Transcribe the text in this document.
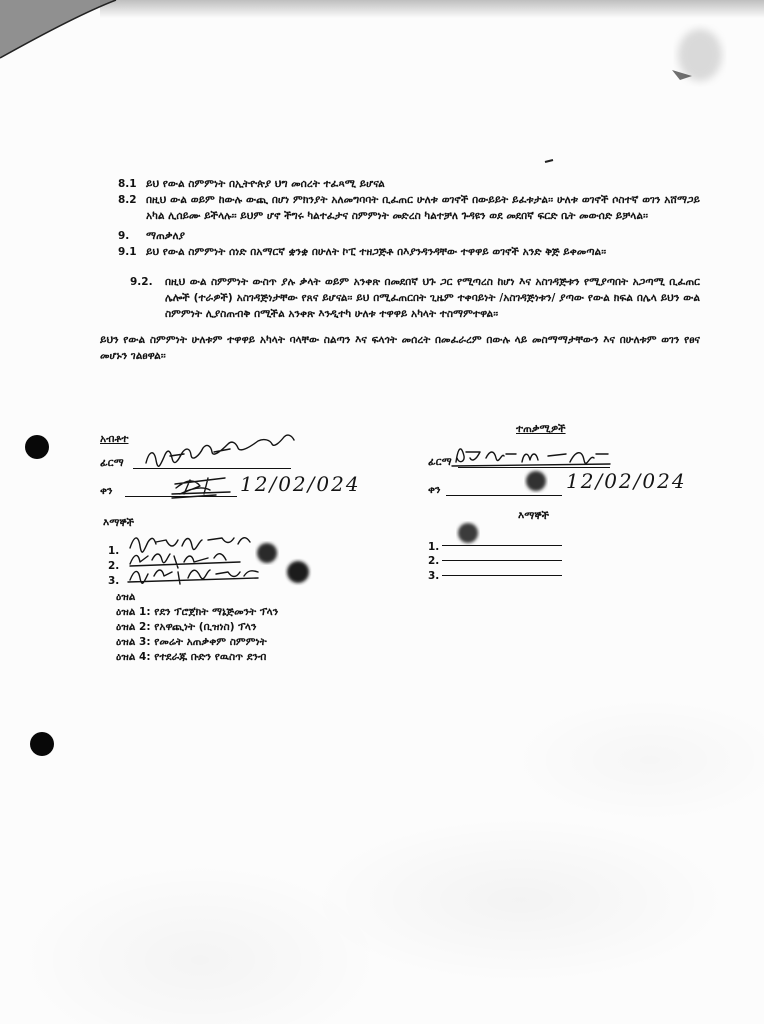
8.1 ይህ የውል ስምምነት በኢትዮጵያ ህግ መሰረት ተፈጻሚ ይሆናል
8.2 በዚህ ውል ወይም ከውሉ ውጪ በሆነ ምክንያት አለመግባባት ቢፈጠር ሁለቱ ወገኖች በውይይት ይፈቱታል፡፡ ሁለቱ ወገኖች ሶስተኛ ወገን አሸማጋይ አካል ሊሰይሙ ይችላሉ፡፡ ይህም ሆኖ ችግሩ ካልተፈታና ስምምነት መድረስ ካልተቻለ ጉዳዩን ወደ መደበኛ ፍርድ ቤት መውሰድ ይቻላል፡፡
9.	ማጠቃለያ
9.1 ይህ የውል ስምምነት ሰነድ በአማርኛ ቋንቋ በሁለት ኮፒ ተዘጋጅቶ በእያንዳንዳቸው ተዋዋይ ወገኖች አንድ ቅጅ ይቀመጣል፡፡
9.2.	በዚህ ውል ስምምነት ውስጥ ያሉ ቃላት ወይም አንቀጽ በመደበኛ ህጉ ጋር የሚጣረስ ከሆነ እና አስገዳጅቱን የሚያጣበት አጋጣሚ ቢፈጠር ሌሎች (ተራዎች) አስገዳጅነታቸው የጸና ይሆናል፡፡ ይህ በሚፈጠርበት ጊዜም ተቀባይነት /አስገዳጅነቱን/ ያጣው የውል ክፍል በሌላ ይህን ውል ስምምነት ሊያስጠብቅ በሚችል አንቀጽ እንዲተካ ሁለቱ ተዋዋይ አካላት ተስማምተዋል፡፡
ይህን የውል ስምምነት ሁለቱም ተዋዋይ አካላት ባላቸው ስልጣን እና ፍላጎት መሰረት በመፈራረም በውሉ ላይ መስማማታቸውን እና በሁለቱም ወገን የፀና መሆኑን ገልፀዋል፡፡
አብቶተ
ፊርማ
ቀን	12/02/024
ተጠቃሚዎች
ፊርማ
ቀን	12/02/024
እማኞች
1.
2.
3.
እማኞች
1.
2.
3.
ዕዝል
ዕዝል 1: የደን ፕሮጀክት ማኔጅመንት ፕላን
ዕዝል 2: የአዋጪነት (ቢዝነስ) ፕላን
ዕዝል 3: የመሬት አጠቃቀም ስምምነት
ዕዝል 4: የተደራጁ ቡድን የዉስጥ ደንብ
